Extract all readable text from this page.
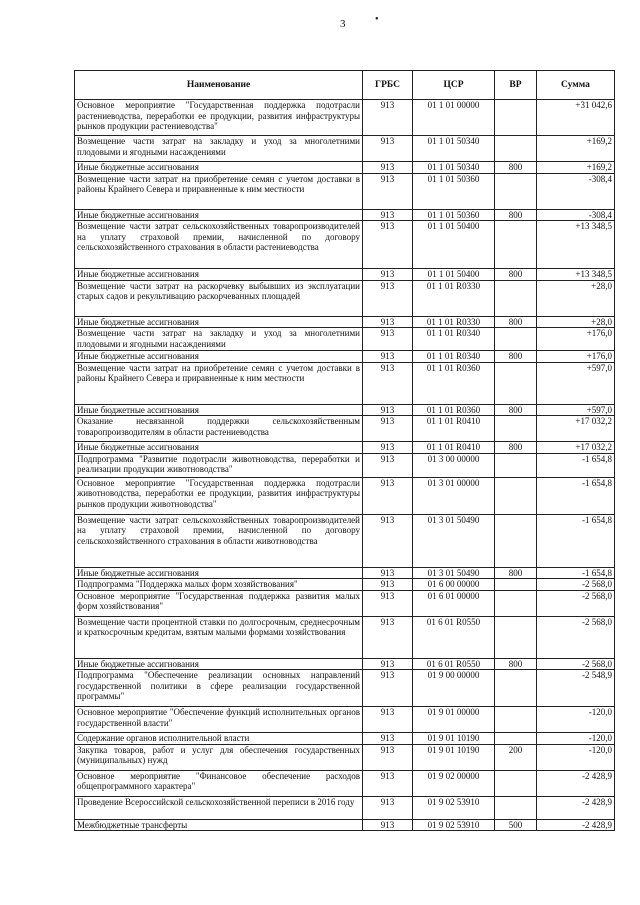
3	•
Наименование	ГРБС	ЦСР	ВР	Сумма
Основное мероприятие "Государственная поддержка подотрасли растениеводства, переработки ее продукции, развития инфраструктуры рынков продукции растениеводства"	913	01 1 01 00000		+31 042,6
Возмещение части затрат на закладку и уход за многолетними плодовыми и ягодными насаждениями	913	01 1 01 50340		+169,2
Иные бюджетные ассигнования	913	01 1 01 50340	800	+169,2
Возмещение части затрат на приобретение семян с учетом доставки в районы Крайнего Севера и приравненные к ним местности	913	01 1 01 50360		-308,4
Иные бюджетные ассигнования	913	01 1 01 50360	800	-308,4
Возмещение части затрат сельскохозяйственных товаропроизводителей на уплату страховой премии, начисленной по договору сельскохозяйственного страхования в области растениеводства	913	01 1 01 50400		+13 348,5
Иные бюджетные ассигнования	913	01 1 01 50400	800	+13 348,5
Возмещение части затрат на раскорчевку выбывших из эксплуатации старых садов и рекультивацию раскорчеванных площадей	913	01 1 01 R0330		+28,0
Иные бюджетные ассигнования	913	01 1 01 R0330	800	+28,0
Возмещение части затрат на закладку и уход за многолетними плодовыми и ягодными насаждениями	913	01 1 01 R0340		+176,0
Иные бюджетные ассигнования	913	01 1 01 R0340	800	+176,0
Возмещение части затрат на приобретение семян с учетом доставки в районы Крайнего Севера и приравненные к ним местности	913	01 1 01 R0360		+597,0
Иные бюджетные ассигнования	913	01 1 01 R0360	800	+597,0
Оказание несвязанной поддержки сельскохозяйственным товаропроизводителям в области растениеводства	913	01 1 01 R0410		+17 032,2
Иные бюджетные ассигнования	913	01 1 01 R0410	800	+17 032,2
Подпрограмма "Развитие подотрасли животноводства, переработки и реализации продукции животноводства"	913	01 3 00 00000		-1 654,8
Основное мероприятие "Государственная поддержка подотрасли животноводства, переработки ее продукции, развития инфраструктуры рынков продукции животноводства"	913	01 3 01 00000		-1 654,8
Возмещение части затрат сельскохозяйственных товаропроизводителей на уплату страховой премии, начисленной по договору сельскохозяйственного страхования в области животноводства	913	01 3 01 50490		-1 654,8
Иные бюджетные ассигнования	913	01 3 01 50490	800	-1 654,8
Подпрограмма "Поддержка малых форм хозяйствования"	913	01 6 00 00000		-2 568,0
Основное мероприятие "Государственная поддержка развития малых форм хозяйствования"	913	01 6 01 00000		-2 568,0
Возмещение части процентной ставки по долгосрочным, среднесрочным и краткосрочным кредитам, взятым малыми формами хозяйствования	913	01 6 01 R0550		-2 568,0
Иные бюджетные ассигнования	913	01 6 01 R0550	800	-2 568,0
Подпрограмма "Обеспечение реализации основных направлений государственной политики в сфере реализации государственной программы"	913	01 9 00 00000		-2 548,9
Основное мероприятие "Обеспечение функций исполнительных органов государственной власти"	913	01 9 01 00000		-120,0
Содержание органов исполнительной власти	913	01 9 01 10190		-120,0
Закупка товаров, работ и услуг для обеспечения государственных (муниципальных) нужд	913	01 9 01 10190	200	-120,0
Основное мероприятие "Финансовое обеспечение расходов общепрограммного характера"	913	01 9 02 00000		-2 428,9
Проведение Всероссийской сельскохозяйственной переписи в 2016 году	913	01 9 02 53910		-2 428,9
Межбюджетные трансферты	913	01 9 02 53910	500	-2 428,9
